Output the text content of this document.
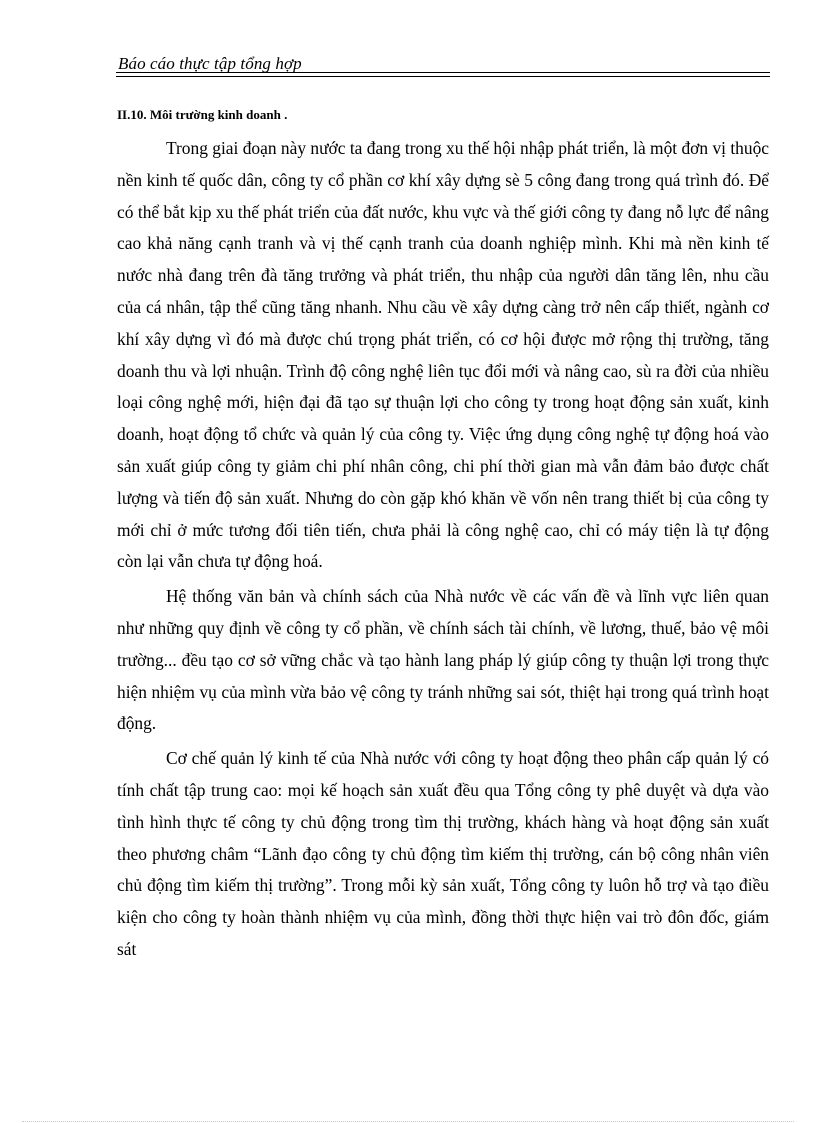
Báo cáo thực tập tổng hợp
II.10. Môi trường kinh doanh .

Trong giai đoạn này nước ta đang trong xu thế hội nhập phát triển, là một đơn vị thuộc nền kinh tế quốc dân, công ty cổ phần cơ khí xây dựng sè 5 công đang trong quá trình đó. Để có thể bắt kịp xu thế phát triển của đất nước, khu vực và thế giới công ty đang nỗ lực để nâng cao khả năng cạnh tranh và vị thế cạnh tranh của doanh nghiệp mình. Khi mà nền kinh tế nước nhà đang trên đà tăng trưởng và phát triển, thu nhập của người dân tăng lên, nhu cầu của cá nhân, tập thể cũng tăng nhanh. Nhu cầu về xây dựng càng trở nên cấp thiết, ngành cơ khí xây dựng vì đó mà được chú trọng phát triển, có cơ hội được mở rộng thị trường, tăng doanh thu và lợi nhuận. Trình độ công nghệ liên tục đổi mới và nâng cao, sù ra đời của nhiều loại công nghệ mới, hiện đại đã tạo sự thuận lợi cho công ty trong hoạt động sản xuất, kinh doanh, hoạt động tổ chức và quản lý của công ty. Việc ứng dụng công nghệ tự động hoá vào sản xuất giúp công ty giảm chi phí nhân công, chi phí thời gian mà vẫn đảm bảo được chất lượng và tiến độ sản xuất. Nhưng do còn gặp khó khăn về vốn nên trang thiết bị của công ty mới chỉ ở mức tương đối tiên tiến, chưa phải là công nghệ cao, chỉ có máy tiện là tự động còn lại vẫn chưa tự động hoá.

Hệ thống văn bản và chính sách của Nhà nước về các vấn đề và lĩnh vực liên quan như những quy định về công ty cổ phần, về chính sách tài chính, về lương, thuế, bảo vệ môi trường... đều tạo cơ sở vững chắc và tạo hành lang pháp lý giúp công ty thuận lợi trong thực hiện nhiệm vụ của mình vừa bảo vệ công ty tránh những sai sót, thiệt hại trong quá trình hoạt động.

Cơ chế quản lý kinh tế của Nhà nước với công ty hoạt động theo phân cấp quản lý có tính chất tập trung cao: mọi kế hoạch sản xuất đều qua Tổng công ty phê duyệt và dựa vào tình hình thực tế công ty chủ động trong tìm thị trường, khách hàng và hoạt động sản xuất theo phương châm “Lãnh đạo công ty chủ động tìm kiếm thị trường, cán bộ công nhân viên chủ động tìm kiếm thị trường”. Trong mỗi kỳ sản xuất, Tổng công ty luôn hỗ trợ và tạo điều kiện cho công ty hoàn thành nhiệm vụ của mình, đồng thời thực hiện vai trò đôn đốc, giám sát
